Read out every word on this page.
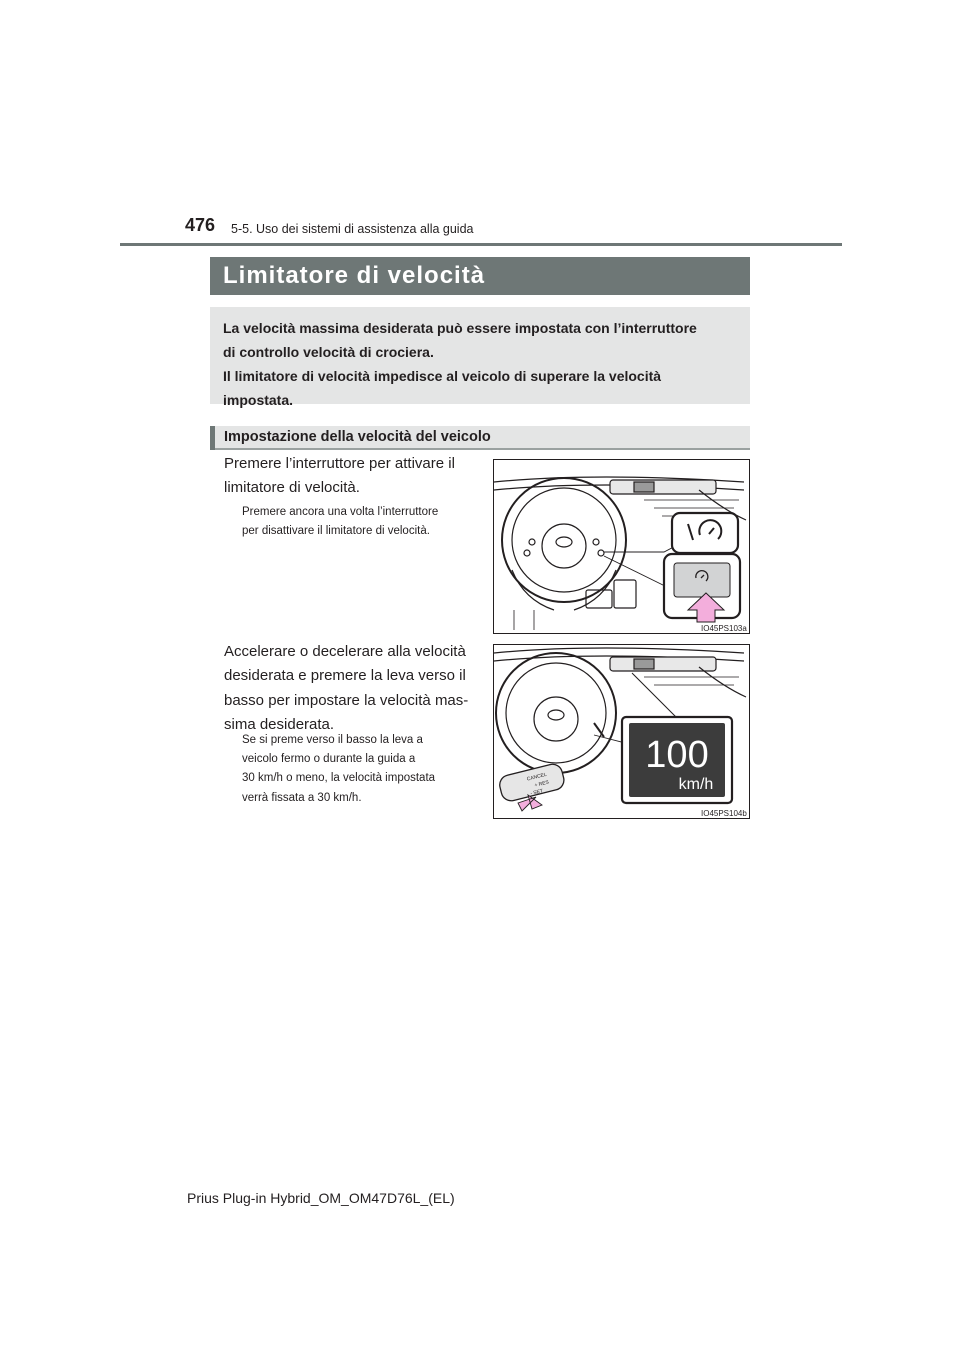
476 5-5. Uso dei sistemi di assistenza alla guida
Limitatore di velocità

La velocità massima desiderata può essere impostata con l’interruttore

di controllo velocità di crociera.

Il limitatore di velocità impedisce al veicolo di superare la velocità

impostata.

Impostazione della velocità del veicolo
Premere l’interruttore per attivare il
limitatore di velocità.
Premere ancora una volta l’interruttore
per disattivare il limitatore di velocità.
Accelerare o decelerare alla velocità
desiderata e premere la leva verso il
basso per impostare la velocità mas-
sima desiderata.
Se si preme verso il basso la leva a
veicolo fermo o durante la guida a
30 km/h o meno, la velocità impostata
verrà fissata a 30 km/h.
IO45PS103a
CANCEL
+ RES
- SET
100
km/h
IO45PS104b
Prius Plug-in Hybrid_OM_OM47D76L_(EL)
